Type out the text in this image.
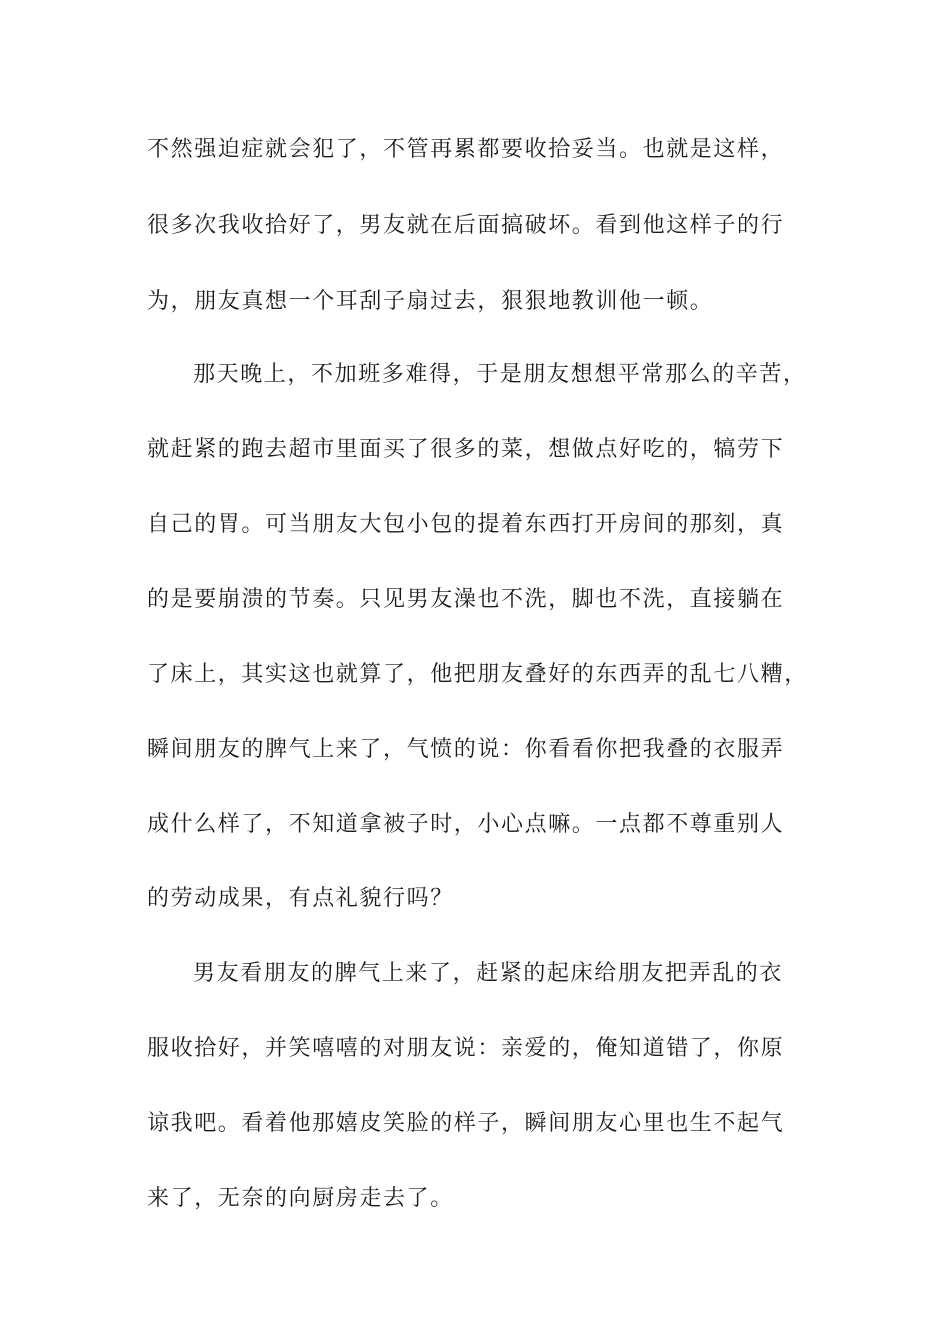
不然强迫症就会犯了，不管再累都要收拾妥当。也就是这样，
很多次我收拾好了，男友就在后面搞破坏。看到他这样子的行
为，朋友真想一个耳刮子扇过去，狠狠地教训他一顿。
那天晚上，不加班多难得，于是朋友想想平常那么的辛苦，
就赶紧的跑去超市里面买了很多的菜，想做点好吃的，犒劳下
自己的胃。可当朋友大包小包的提着东西打开房间的那刻，真
的是要崩溃的节奏。只见男友澡也不洗，脚也不洗，直接躺在
了床上，其实这也就算了，他把朋友叠好的东西弄的乱七八糟，
瞬间朋友的脾气上来了，气愤的说：你看看你把我叠的衣服弄
成什么样了，不知道拿被子时，小心点嘛。一点都不尊重别人
的劳动成果，有点礼貌行吗？
男友看朋友的脾气上来了，赶紧的起床给朋友把弄乱的衣
服收拾好，并笑嘻嘻的对朋友说：亲爱的，俺知道错了，你原
谅我吧。看着他那嬉皮笑脸的样子，瞬间朋友心里也生不起气
来了，无奈的向厨房走去了。
